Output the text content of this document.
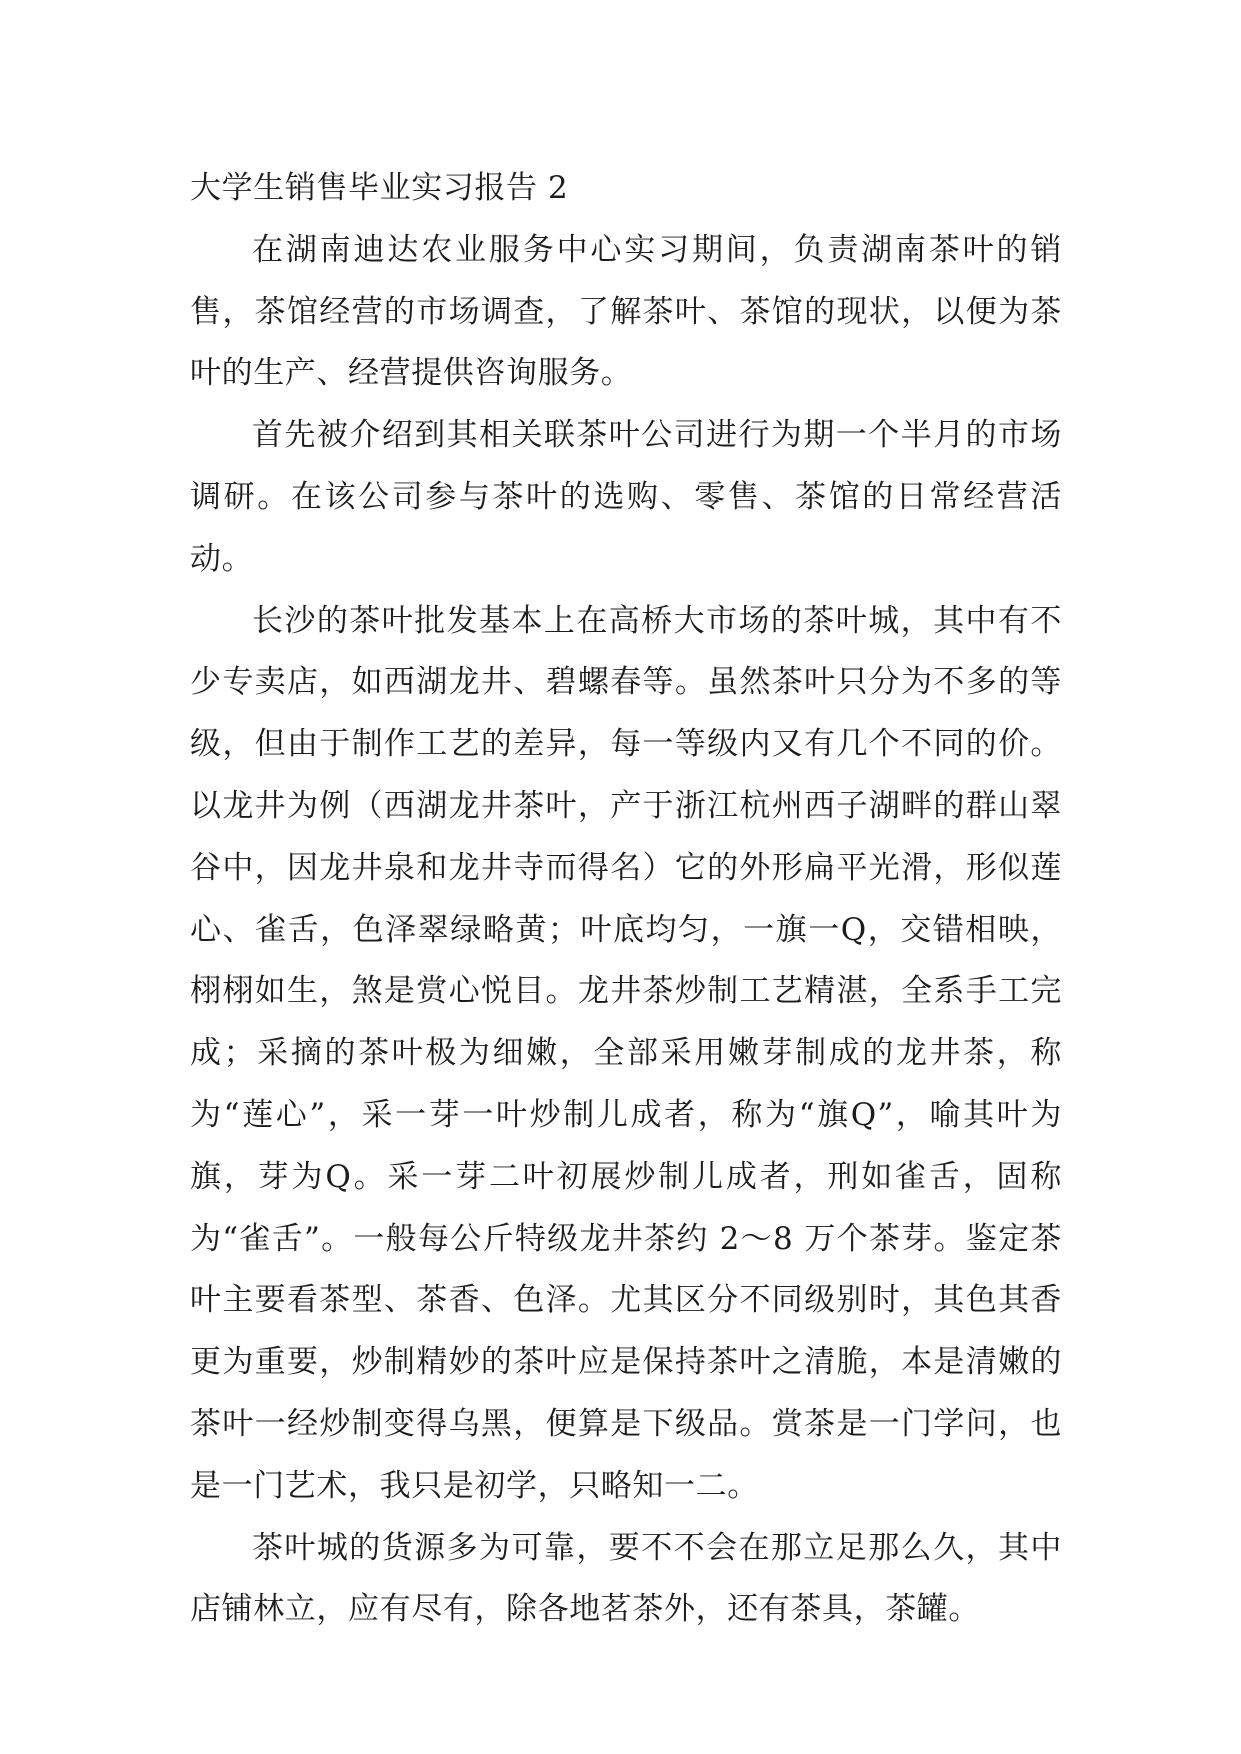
大学生销售毕业实习报告 2

在湖南迪达农业服务中心实习期间，负责湖南茶叶的销售，茶馆经营的市场调查，了解茶叶、茶馆的现状，以便为茶叶的生产、经营提供咨询服务。

首先被介绍到其相关联茶叶公司进行为期一个半月的市场调研。在该公司参与茶叶的选购、零售、茶馆的日常经营活动。

长沙的茶叶批发基本上在高桥大市场的茶叶城，其中有不少专卖店，如西湖龙井、碧螺春等。虽然茶叶只分为不多的等级，但由于制作工艺的差异，每一等级内又有几个不同的价。以龙井为例（西湖龙井茶叶，产于浙江杭州西子湖畔的群山翠谷中，因龙井泉和龙井寺而得名）它的外形扁平光滑，形似莲心、雀舌，色泽翠绿略黄；叶底均匀，一旗一Q，交错相映，栩栩如生，煞是赏心悦目。龙井茶炒制工艺精湛，全系手工完成；采摘的茶叶极为细嫩，全部采用嫩芽制成的龙井茶，称为“莲心”，采一芽一叶炒制儿成者，称为“旗Q”，喻其叶为旗，芽为Q。采一芽二叶初展炒制儿成者，刑如雀舌，固称为“雀舌”。一般每公斤特级龙井茶约 2～8 万个茶芽。鉴定茶叶主要看茶型、茶香、色泽。尤其区分不同级别时，其色其香更为重要，炒制精妙的茶叶应是保持茶叶之清脆，本是清嫩的茶叶一经炒制变得乌黑，便算是下级品。赏茶是一门学问，也是一门艺术，我只是初学，只略知一二。

茶叶城的货源多为可靠，要不不会在那立足那么久，其中店铺林立，应有尽有，除各地茗茶外，还有茶具，茶罐。
